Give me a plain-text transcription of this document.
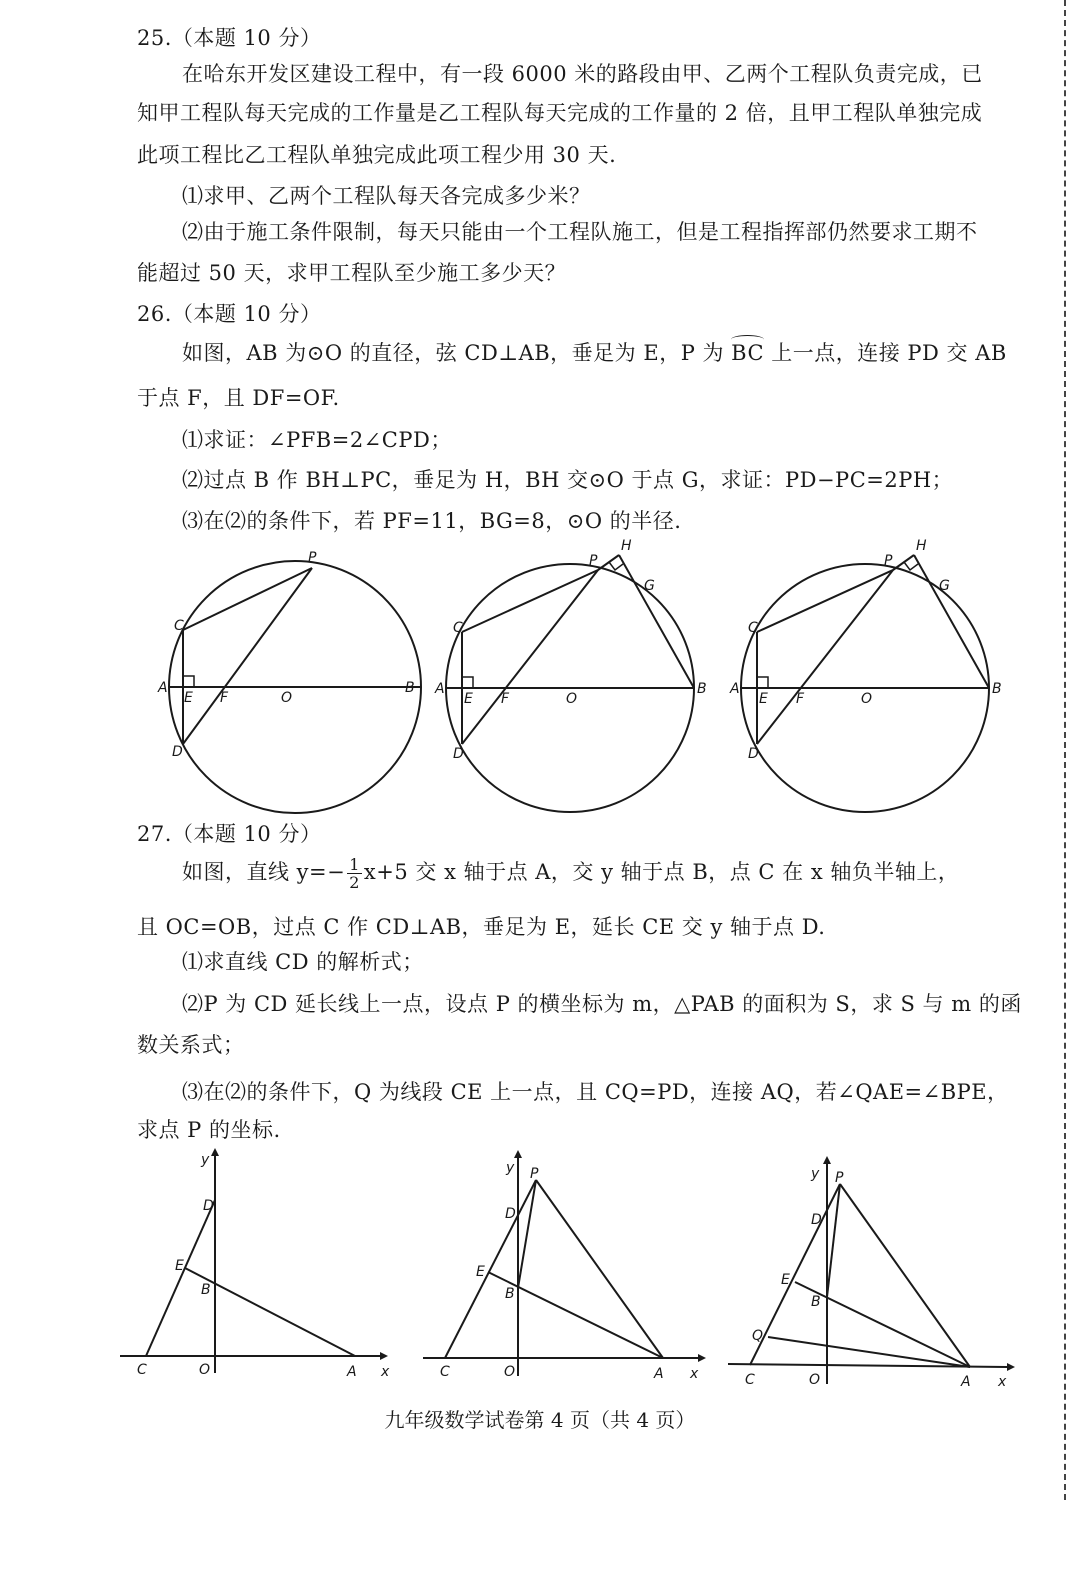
25.（本题 10 分）
在哈东开发区建设工程中，有一段 6000 米的路段由甲、乙两个工程队负责完成，已
知甲工程队每天完成的工作量是乙工程队每天完成的工作量的 2 倍，且甲工程队单独完成
此项工程比乙工程队单独完成此项工程少用 30 天.
⑴求甲、乙两个工程队每天各完成多少米？
⑵由于施工条件限制，每天只能由一个工程队施工，但是工程指挥部仍然要求工期不
能超过 50 天，求甲工程队至少施工多少天？
26.（本题 10 分）
如图，AB 为⊙O 的直径，弦 CD⊥AB，垂足为 E，P 为
BC 上一点，连接 PD 交 AB
于点 F，且 DF=OF.
⑴求证：∠PFB=2∠CPD；
⑵过点 B 作 BH⊥PC，垂足为 H，BH 交⊙O 于点 G，求证：PD−PC=2PH；
⑶在⑵的条件下，若 PF=11，BG=8，⊙O 的半径.
A	B
C
D
E F	O
P
A	B
C
D
E F	O
P
H
G
A	B
C
D
E F	O
P
H
G
27.（本题 10 分）
如图，直线 $y=- \frac{1}{2} x+5$ 交 x 轴于点 A，交 y 轴于点 B，点 C 在 x 轴负半轴上，
且 OC=OB，过点 C 作 CD⊥AB，垂足为 E，延长 CE 交 y 轴于点 D.
⑴求直线 CD 的解析式；
⑵P 为 CD 延长线上一点，设点 P 的横坐标为 m，△PAB 的面积为 S，求 S 与 m 的函
数关系式；
⑶在⑵的条件下，Q 为线段 CE 上一点，且 CQ=PD，连接 AQ，若∠QAE=∠BPE，
求点 P 的坐标.
y
x
O	A
B
C
D
E
y
x
O	A
B
C
D
E
P	y
x
O	A
B
C
D
E
P
Q
九年级数学试卷第 4 页（共 4 页）
